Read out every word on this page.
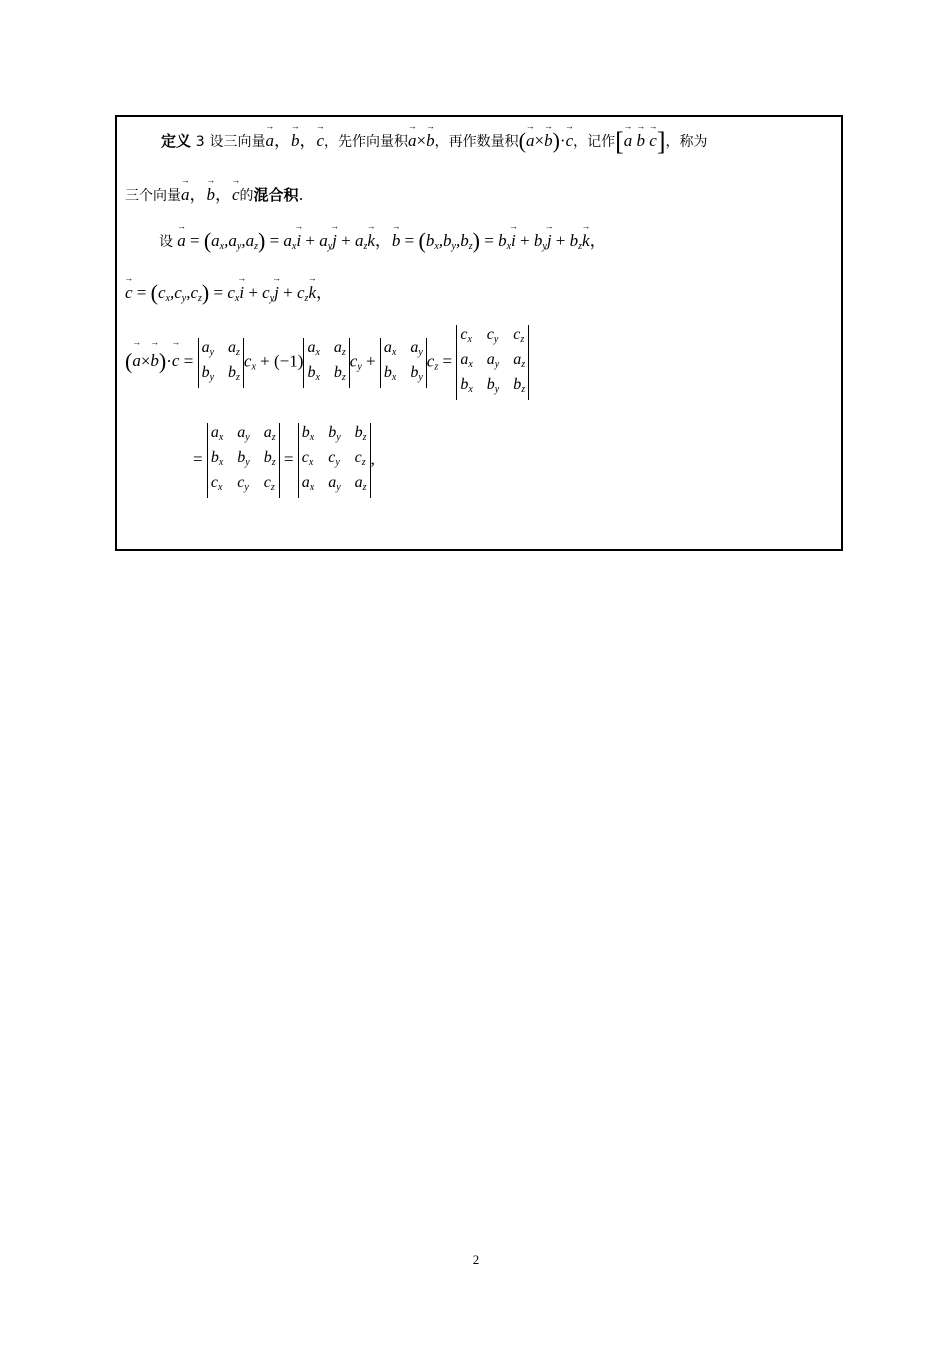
定义 3 设三向量→ a，→ b，→ c，先作向量积→ a×→ b，再作数量积(→ a×→ b)·→ c，记作[→ a → b → c]，称为
三个向量→ a，→ b，→ c的混合积.
设 → $a = (a_x,a_y,a_z) = a_x\to i + a_y\to j + a_z\to k$，→ $b = (b_x,b_y,b_z) = b_x\to i + b_y\to j + b_z\to k$，
→ $c = (c_x,c_y,c_z) = c_x\to i + c_y\to j + c_z\to k$，
(→ a×→ b)·→ c =
$a_y$ $a_z$
$b_y$ $b_z$
$c_x + (-1)$
$a_x$ $a_z$
$b_x$ $b_z$
$c_y$ +
$a_x$ $a_y$
$b_x$ $b_y$
$c_z$ =
$c_x$ $c_y$ $c_z$
$a_x$ $a_y$ $a_z$
$b_x$ $b_y$ $b_z$
=
$a_x$ $a_y$ $a_z$
$b_x$ $b_y$ $b_z$
$c_x$ $c_y$ $c_z$
=
$b_x$ $b_y$ $b_z$
$c_x$ $c_y$ $c_z$
$a_x$ $a_y$ $a_z$
,
2
